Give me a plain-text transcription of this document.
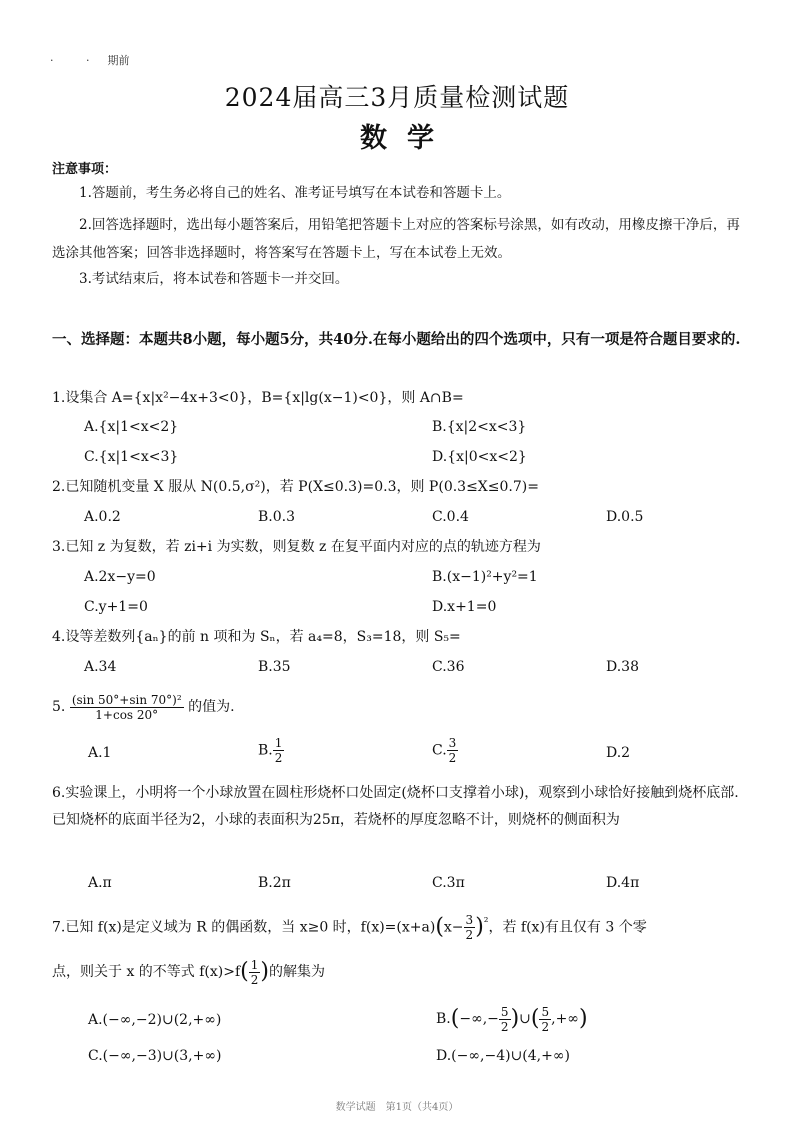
· 　 　 · 　 期前
2024届高三3月质量检测试题
数学
注意事项：
1.答题前，考生务必将自己的姓名、准考证号填写在本试卷和答题卡上。
2.回答选择题时，选出每小题答案后，用铅笔把答题卡上对应的答案标号涂黑，如有改动，用橡皮擦干净后，再选涂其他答案；回答非选择题时，将答案写在答题卡上，写在本试卷上无效。
3.考试结束后，将本试卷和答题卡一并交回。
一、选择题：本题共8小题，每小题5分，共40分.在每小题给出的四个选项中，只有一项是符合题目要求的.
1.设集合 A={x|x²−4x+3<0}，B={x|lg(x−1)<0}，则 A∩B=
A.{x|1<x<2}	B.{x|2<x<3}
C.{x|1<x<3}	D.{x|0<x<2}
2.已知随机变量 X 服从 N(0.5,σ²)，若 P(X≤0.3)=0.3，则 P(0.3≤X≤0.7)=
A.0.2	B.0.3	C.0.4	D.0.5
3.已知 z 为复数，若 zi+i 为实数，则复数 z 在复平面内对应的点的轨迹方程为
A.2x−y=0	B.(x−1)²+y²=1
C.y+1=0	D.x+1=0
4.设等差数列{aₙ}的前 n 项和为 Sₙ，若 a₄=8，S₃=18，则 S₅=
A.34	B.35	C.36	D.38
5. $\frac{\text{(sin 50°+sin 70°)²}}{1+\cos 20^\circ}$ 的值为.
A.1	B. $\frac{1}{2}$	C. $\frac{3}{2}$	D.2
6.实验课上，小明将一个小球放置在圆柱形烧杯口处固定(烧杯口支撑着小球)，观察到小球恰好接触到烧杯底部.已知烧杯的底面半径为2，小球的表面积为25π，若烧杯的厚度忽略不计，则烧杯的侧面积为
A.π	B.2π	C.3π	D.4π
7.已知 f(x)是定义域为 R 的偶函数，当 x≥0 时，$f(x)=(x+a)(x- \frac{3}{2} )^{^2}$，若 f(x)有且仅有 3 个零
点，则关于 x 的不等式 $f(x)>f( \frac{1}{2}$ )的解集为
A.(−∞,−2)∪(2,+∞)	$B.(-\infty,- \frac{5}{2}$ )∪( $\frac{5}{2}$ ,+∞)
C.(−∞,−3)∪(3,+∞)	D.(−∞,−4)∪(4,+∞)
数学试题　第1页（共4页）
